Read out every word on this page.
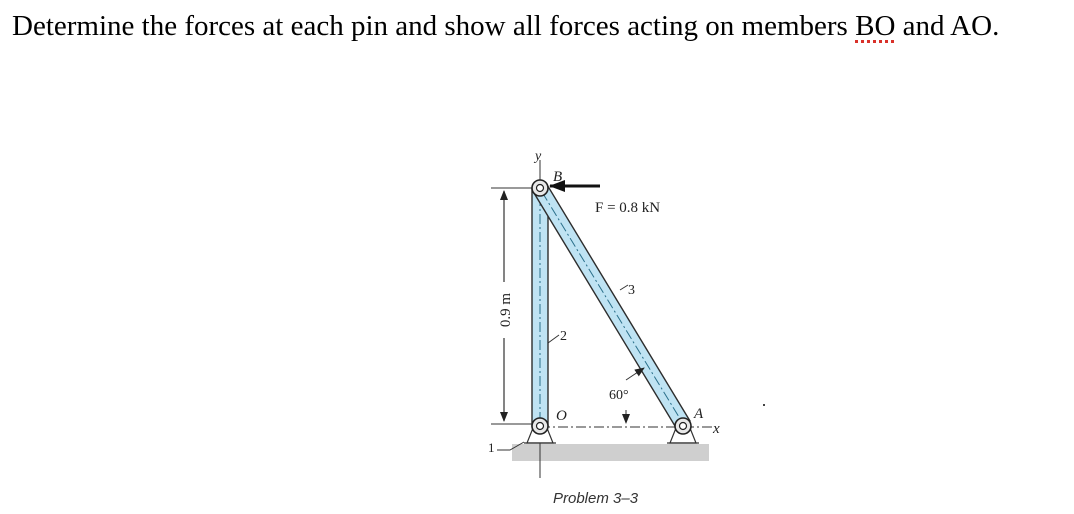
Determine the forces at each pin and show all forces acting on members BO and AO.
0.9 m
y
x
F = 0.8 kN
B
O	A
2
3
1
60°
Problem 3–3
